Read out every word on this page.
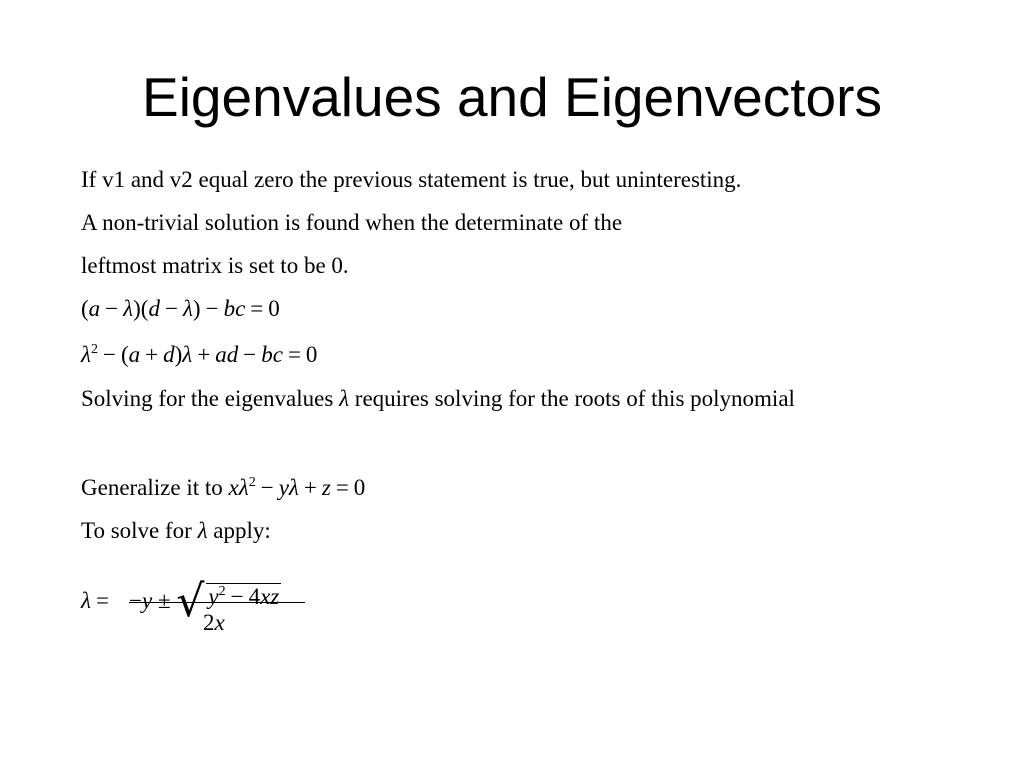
Eigenvalues and Eigenvectors
If v1 and v2 equal zero the previous statement is true, but uninteresting.
A non-trivial solution is found when the determinate of the
leftmost matrix is set to be 0.
(a − λ)(d − λ) − bc = 0
$\lambda^2 - (a + d)\lambda$ + ad − bc = 0
Solving for the eigenvalues λ requires solving for the roots of this polynomial
Generalize it to $x\lambda^2 - y\lambda + z = 0$
To solve for λ apply:
λ = −y ± √ $y^2 - 4xz$
2x
